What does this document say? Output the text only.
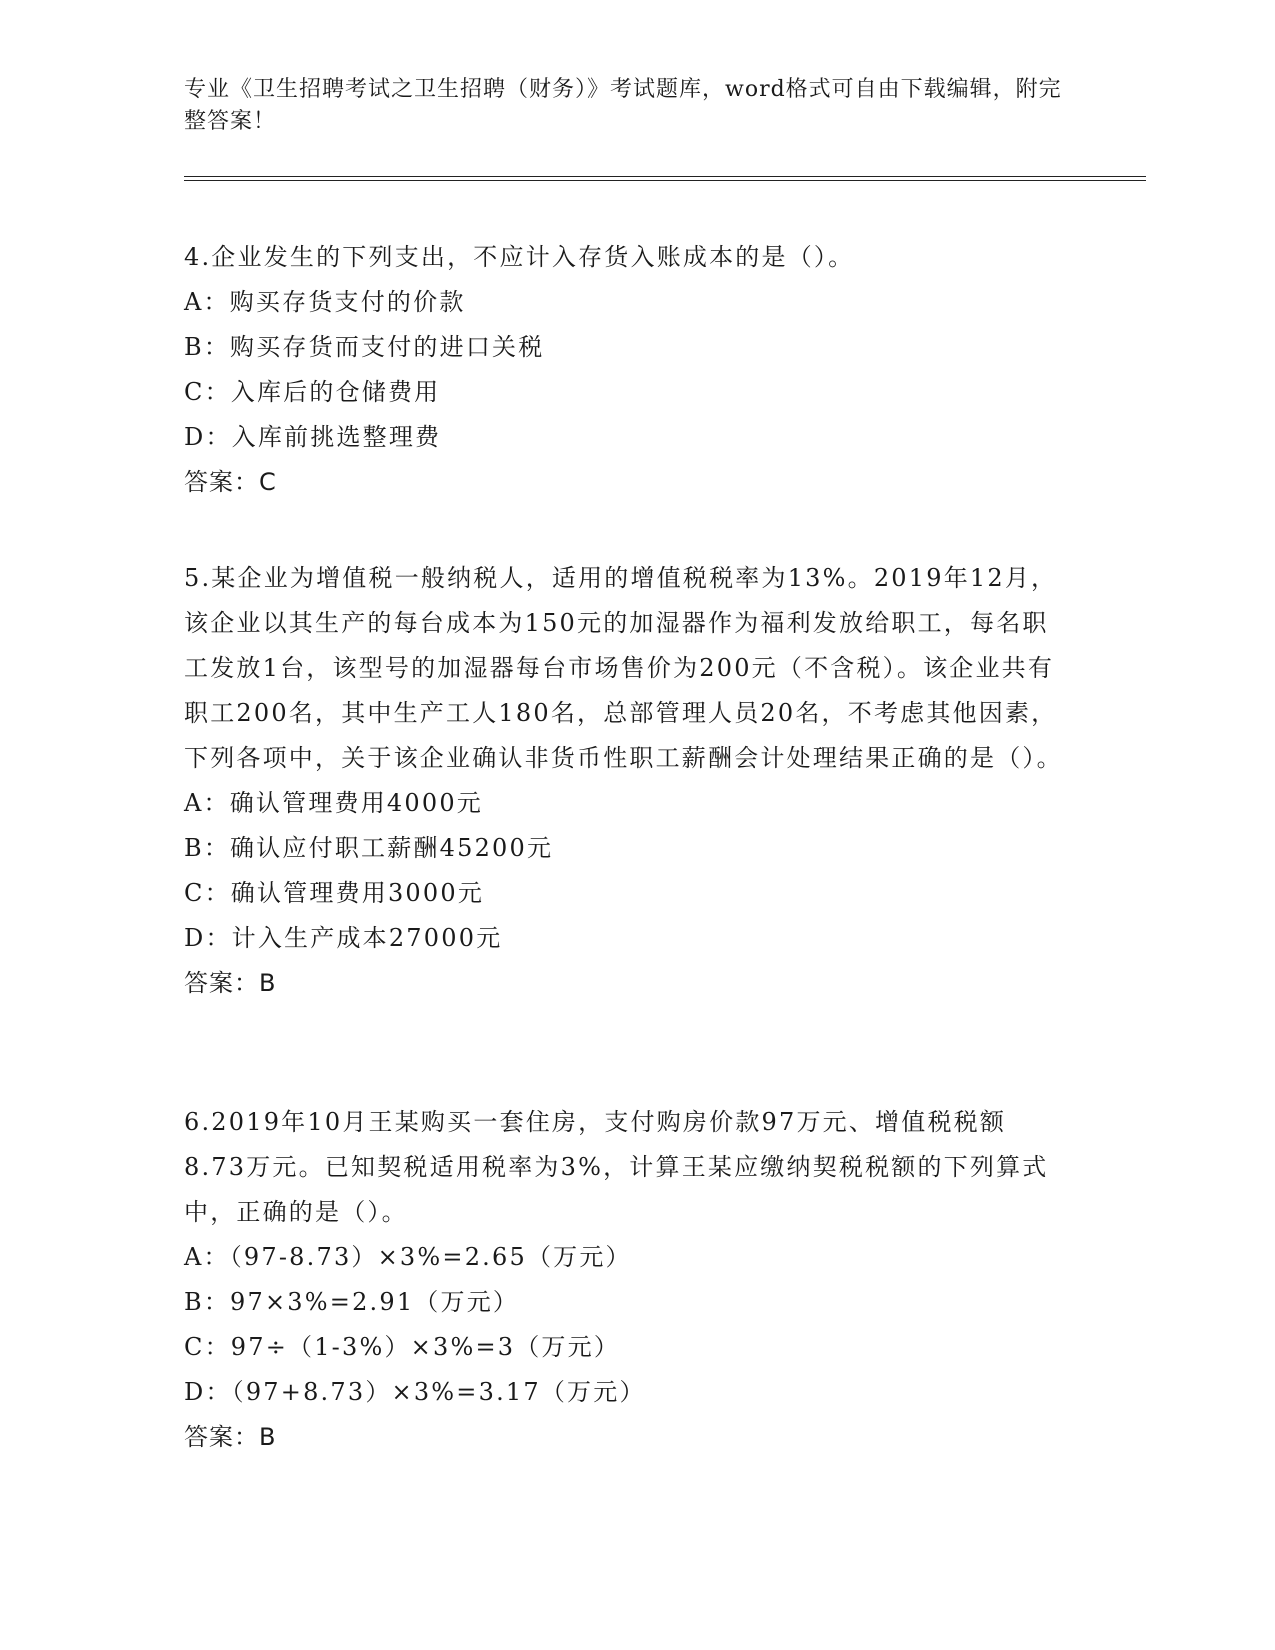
专业《卫生招聘考试之卫生招聘（财务）》考试题库，word格式可自由下载编辑，附完整答案！
4.企业发生的下列支出，不应计入存货入账成本的是（）。
A：购买存货支付的价款
B：购买存货而支付的进口关税
C：入库后的仓储费用
D：入库前挑选整理费
答案：C
5.某企业为增值税一般纳税人，适用的增值税税率为13%。2019年12月，该企业以其生产的每台成本为150元的加湿器作为福利发放给职工，每名职工发放1台，该型号的加湿器每台市场售价为200元（不含税）。该企业共有职工200名，其中生产工人180名，总部管理人员20名，不考虑其他因素，下列各项中，关于该企业确认非货币性职工薪酬会计处理结果正确的是（）。
A：确认管理费用4000元
B：确认应付职工薪酬45200元
C：确认管理费用3000元
D：计入生产成本27000元
答案：B
6.2019年10月王某购买一套住房，支付购房价款97万元、增值税税额8.73万元。已知契税适用税率为3%，计算王某应缴纳契税税额的下列算式中，正确的是（）。
A：（97-8.73）×3%=2.65（万元）
B：97×3%=2.91（万元）
C：97÷（1-3%）×3%=3（万元）
D：（97+8.73）×3%=3.17（万元）
答案：B
